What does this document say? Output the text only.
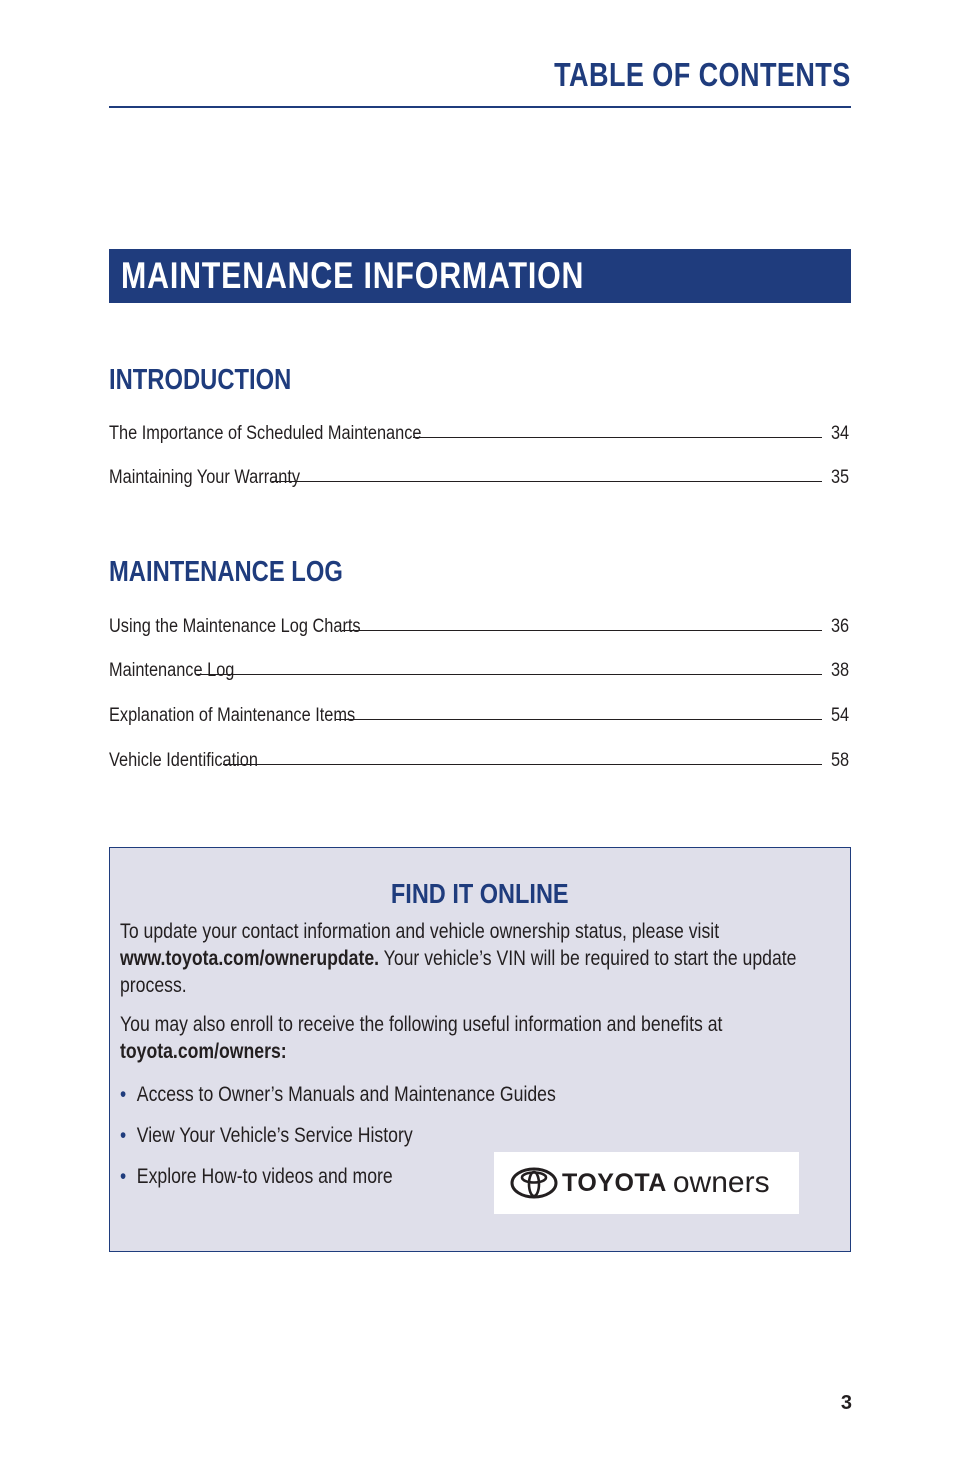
TABLE OF CONTENTS
MAINTENANCE INFORMATION
INTRODUCTION
The Importance of Scheduled Maintenance	34
Maintaining Your Warranty	35
MAINTENANCE LOG
Using the Maintenance Log Charts	36
Maintenance Log	38
Explanation of Maintenance Items	54
Vehicle Identification	58
FIND IT ONLINE

To update your contact information and vehicle ownership status, please visit www.toyota.com/ownerupdate. Your vehicle’s VIN will be required to start the update process.

You may also enroll to receive the following useful information and benefits at toyota.com/owners:

• Access to Owner’s Manuals and Maintenance Guides
• View Your Vehicle’s Service History
• Explore How-to videos and more	TOYOTA owners

3
